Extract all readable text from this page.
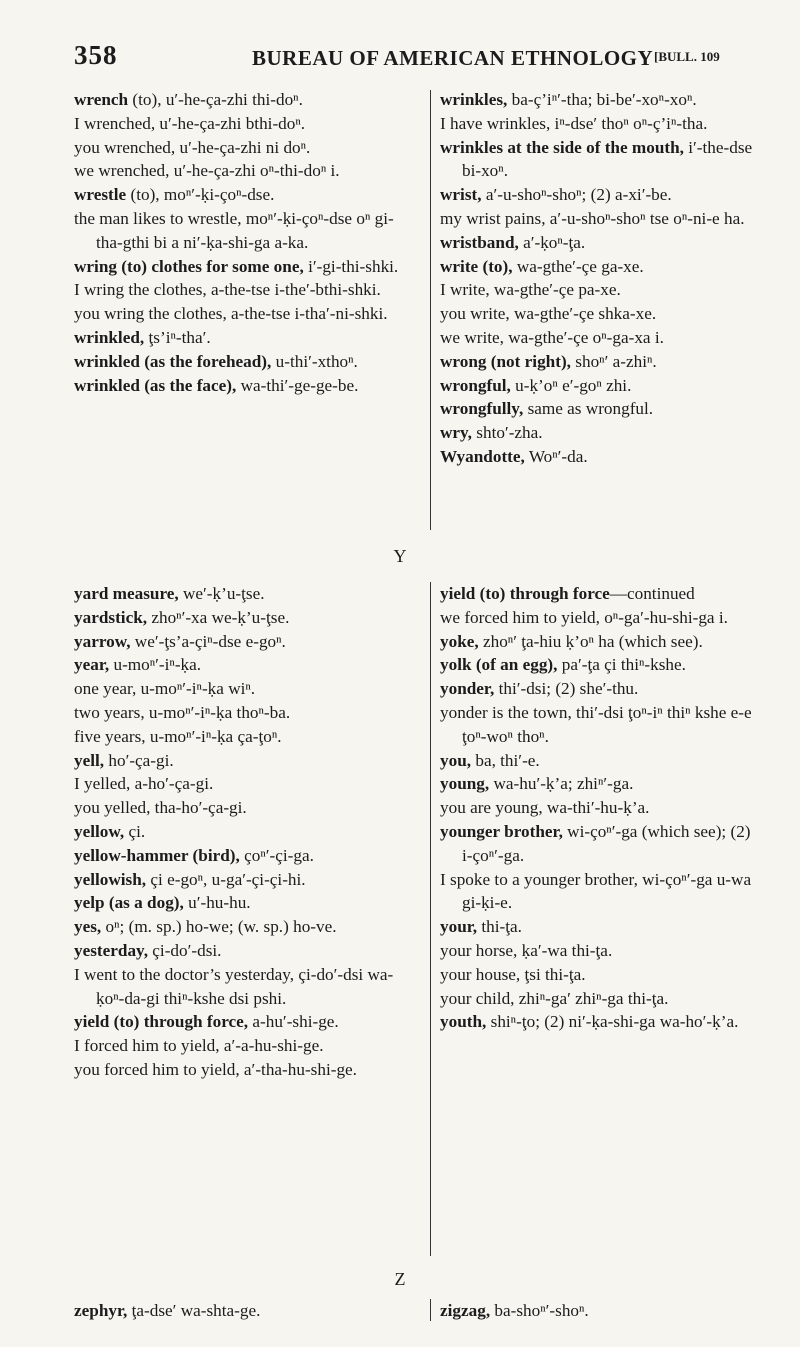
358	BUREAU OF AMERICAN ETHNOLOGY [BULL. 109
wrench (to), u′-he-ça-zhi thi-doⁿ.
I wrenched, u′-he-ça-zhi bthi-doⁿ.
you wrenched, u′-he-ça-zhi ni doⁿ.
we wrenched, u′-he-ça-zhi oⁿ-thi-doⁿ i.
wrestle (to), moⁿ′-ḳi-çoⁿ-dse.
the man likes to wrestle, moⁿ′-ḳi-çoⁿ-dse oⁿ gi-tha-gthi bi a ni′-ḳa-shi-ga a-ka.
wring (to) clothes for some one, i′-gi-thi-shki.
I wring the clothes, a-the-tse i-the′-bthi-shki.
you wring the clothes, a-the-tse i-tha′-ni-shki.
wrinkled, ţs’iⁿ-tha′.
wrinkled (as the forehead), u-thi′-xthoⁿ.
wrinkled (as the face), wa-thi′-ge-ge-be.
wrinkles, ba-ç’iⁿ′-tha; bi-be′-xoⁿ-xoⁿ.
I have wrinkles, iⁿ-dse′ thoⁿ oⁿ-ç’iⁿ-tha.
wrinkles at the side of the mouth, i′-the-dse bi-xoⁿ.
wrist, a′-u-shoⁿ-shoⁿ; (2) a-xi′-be.
my wrist pains, a′-u-shoⁿ-shoⁿ tse oⁿ-ni-e ha.
wristband, a′-ḳoⁿ-ţa.
write (to), wa-gthe′-çe ga-xe.
I write, wa-gthe′-çe pa-xe.
you write, wa-gthe′-çe shka-xe.
we write, wa-gthe′-çe oⁿ-ga-xa i.
wrong (not right), shoⁿ′ a-zhiⁿ.
wrongful, u-ḳ’oⁿ e′-goⁿ zhi.
wrongfully, same as wrongful.
wry, shto′-zha.
Wyandotte, Woⁿ′-da.
Y
yard measure, we′-ḳ’u-ţse.
yardstick, zhoⁿ′-xa we-ḳ’u-ţse.
yarrow, we′-ţs’a-çiⁿ-dse e-goⁿ.
year, u-moⁿ′-iⁿ-ḳa.
one year, u-moⁿ′-iⁿ-ḳa wiⁿ.
two years, u-moⁿ′-iⁿ-ḳa thoⁿ-ba.
five years, u-moⁿ′-iⁿ-ḳa ça-ţoⁿ.
yell, ho′-ça-gi.
I yelled, a-ho′-ça-gi.
you yelled, tha-ho′-ça-gi.
yellow, çi.
yellow-hammer (bird), çoⁿ′-çi-ga.
yellowish, çi e-goⁿ, u-ga′-çi-çi-hi.
yelp (as a dog), u′-hu-hu.
yes, oⁿ; (m. sp.) ho-we; (w. sp.) ho-ve.
yesterday, çi-do′-dsi.
I went to the doctor’s yesterday, çi-do′-dsi wa-ḳoⁿ-da-gi thiⁿ-kshe dsi pshi.
yield (to) through force, a-hu′-shi-ge.
I forced him to yield, a′-a-hu-shi-ge.
you forced him to yield, a′-tha-hu-shi-ge.
yield (to) through force—continued
we forced him to yield, oⁿ-ga′-hu-shi-ga i.
yoke, zhoⁿ′ ţa-hiu ḳ’oⁿ ha (which see).
yolk (of an egg), pa′-ţa çi thiⁿ-kshe.
yonder, thi′-dsi; (2) she′-thu.
yonder is the town, thi′-dsi ţoⁿ-iⁿ thiⁿ kshe e-e ţoⁿ-woⁿ thoⁿ.
you, ba, thi′-e.
young, wa-hu′-ḳ’a; zhiⁿ′-ga.
you are young, wa-thi′-hu-ḳ’a.
younger brother, wi-çoⁿ′-ga (which see); (2) i-çoⁿ′-ga.
I spoke to a younger brother, wi-çoⁿ′-ga u-wa gi-ḳi-e.
your, thi-ţa.
your horse, ḳa′-wa thi-ţa.
your house, ţsi thi-ţa.
your child, zhiⁿ-ga′ zhiⁿ-ga thi-ţa.
youth, shiⁿ-ţo; (2) ni′-ḳa-shi-ga wa-ho′-ḳ’a.
Z
zephyr, ţa-dse′ wa-shta-ge.	zigzag, ba-shoⁿ′-shoⁿ.
